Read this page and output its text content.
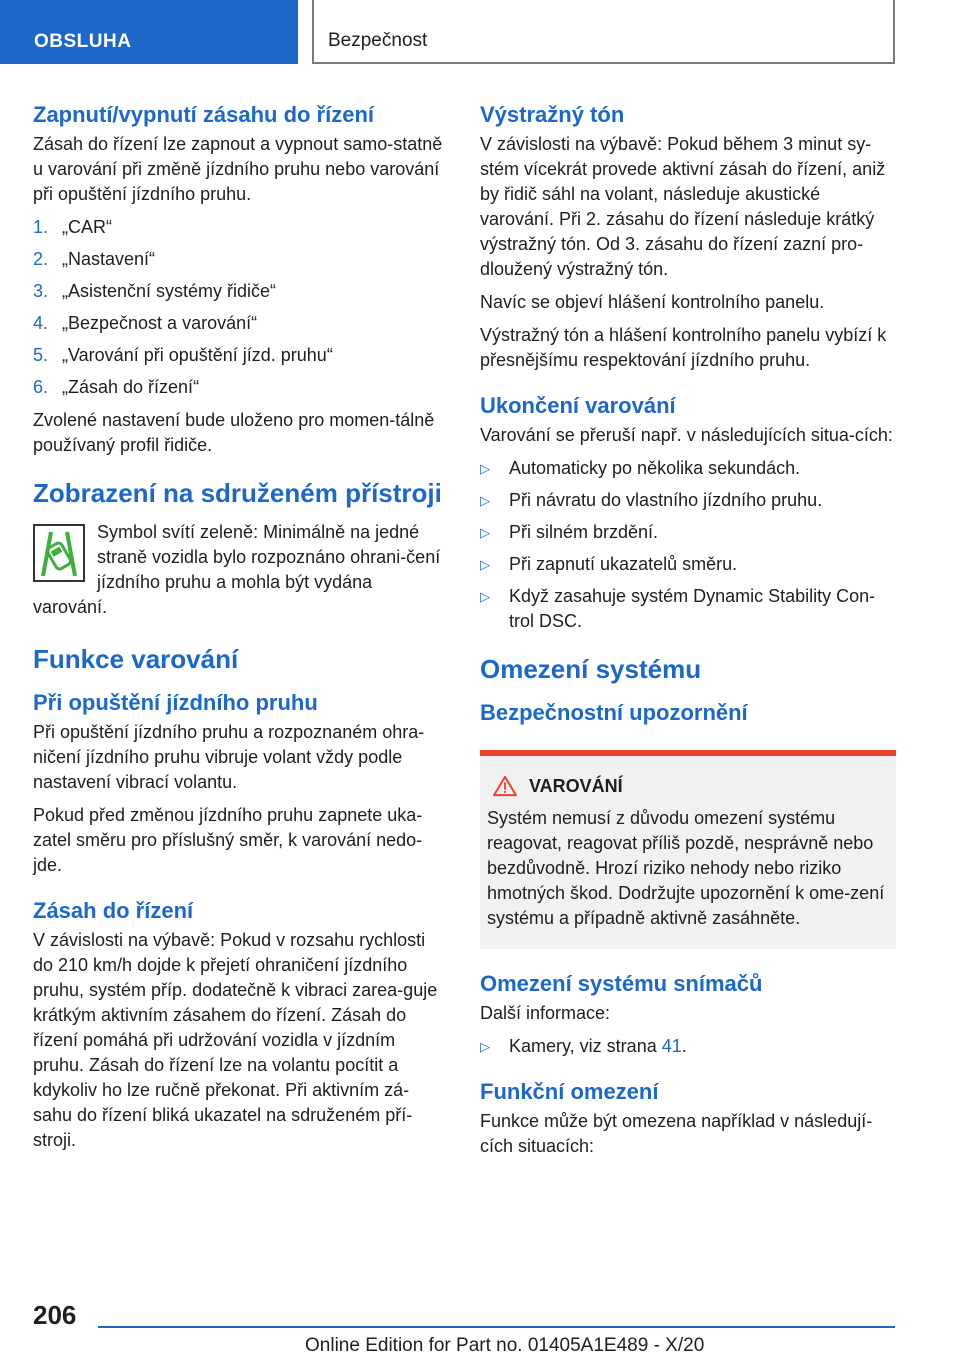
OBSLUHA	Bezpečnost
Zapnutí/vypnutí zásahu do řízení

Zásah do řízení lze zapnout a vypnout samo-statně u varování při změně jízdního pruhu nebo varování při opuštění jízdního pruhu.

1. „CAR“
2. „Nastavení“
3. „Asistenční systémy řidiče“
4. „Bezpečnost a varování“
5. „Varování při opuštění jízd. pruhu“
6. „Zásah do řízení“

Zvolené nastavení bude uloženo pro momen-tálně používaný profil řidiče.

Zobrazení na sdruženém přístroji
Symbol svítí zeleně: Minimálně na jedné straně vozidla bylo rozpoznáno ohrani-čení jízdního pruhu a mohla být vydána varování.
Funkce varování
Při opuštění jízdního pruhu

Při opuštění jízdního pruhu a rozpoznaném ohra-ničení jízdního pruhu vibruje volant vždy podle nastavení vibrací volantu.

Pokud před změnou jízdního pruhu zapnete uka-zatel směru pro příslušný směr, k varování nedo-jde.

Zásah do řízení

V závislosti na výbavě: Pokud v rozsahu rychlosti do 210 km/h dojde k přejetí ohraničení jízdního pruhu, systém příp. dodatečně k vibraci zarea-guje krátkým aktivním zásahem do řízení. Zásah do řízení pomáhá při udržování vozidla v jízdním pruhu. Zásah do řízení lze na volantu pocítit a kdykoliv ho lze ručně překonat. Při aktivním zá-sahu do řízení bliká ukazatel na sdruženém pří-stroji.

Výstražný tón

V závislosti na výbavě: Pokud během 3 minut sy-stém vícekrát provede aktivní zásah do řízení, aniž by řidič sáhl na volant, následuje akustické varování. Při 2. zásahu do řízení následuje krátký výstražný tón. Od 3. zásahu do řízení zazní pro-dloužený výstražný tón.

Navíc se objeví hlášení kontrolního panelu.

Výstražný tón a hlášení kontrolního panelu vybízí k přesnějšímu respektování jízdního pruhu.

Ukončení varování

Varování se přeruší např. v následujících situa-cích:

▷	Automaticky po několika sekundách.
▷	Při návratu do vlastního jízdního pruhu.
▷	Při silném brzdění.
▷	Při zapnutí ukazatelů směru.
▷	Když zasahuje systém Dynamic Stability Con-trol DSC.
Omezení systému
Bezpečnostní upozornění
VAROVÁNÍ

Systém nemusí z důvodu omezení systému reagovat, reagovat příliš pozdě, nesprávně nebo bezdůvodně. Hrozí riziko nehody nebo riziko hmotných škod. Dodržujte upozornění k ome-zení systému a případně aktivně zasáhněte.

Omezení systému snímačů

Další informace:

▷	Kamery, viz strana 41.
Funkční omezení

Funkce může být omezena například v následují-cích situacích:

206
Online Edition for Part no. 01405A1E489 - X/20
